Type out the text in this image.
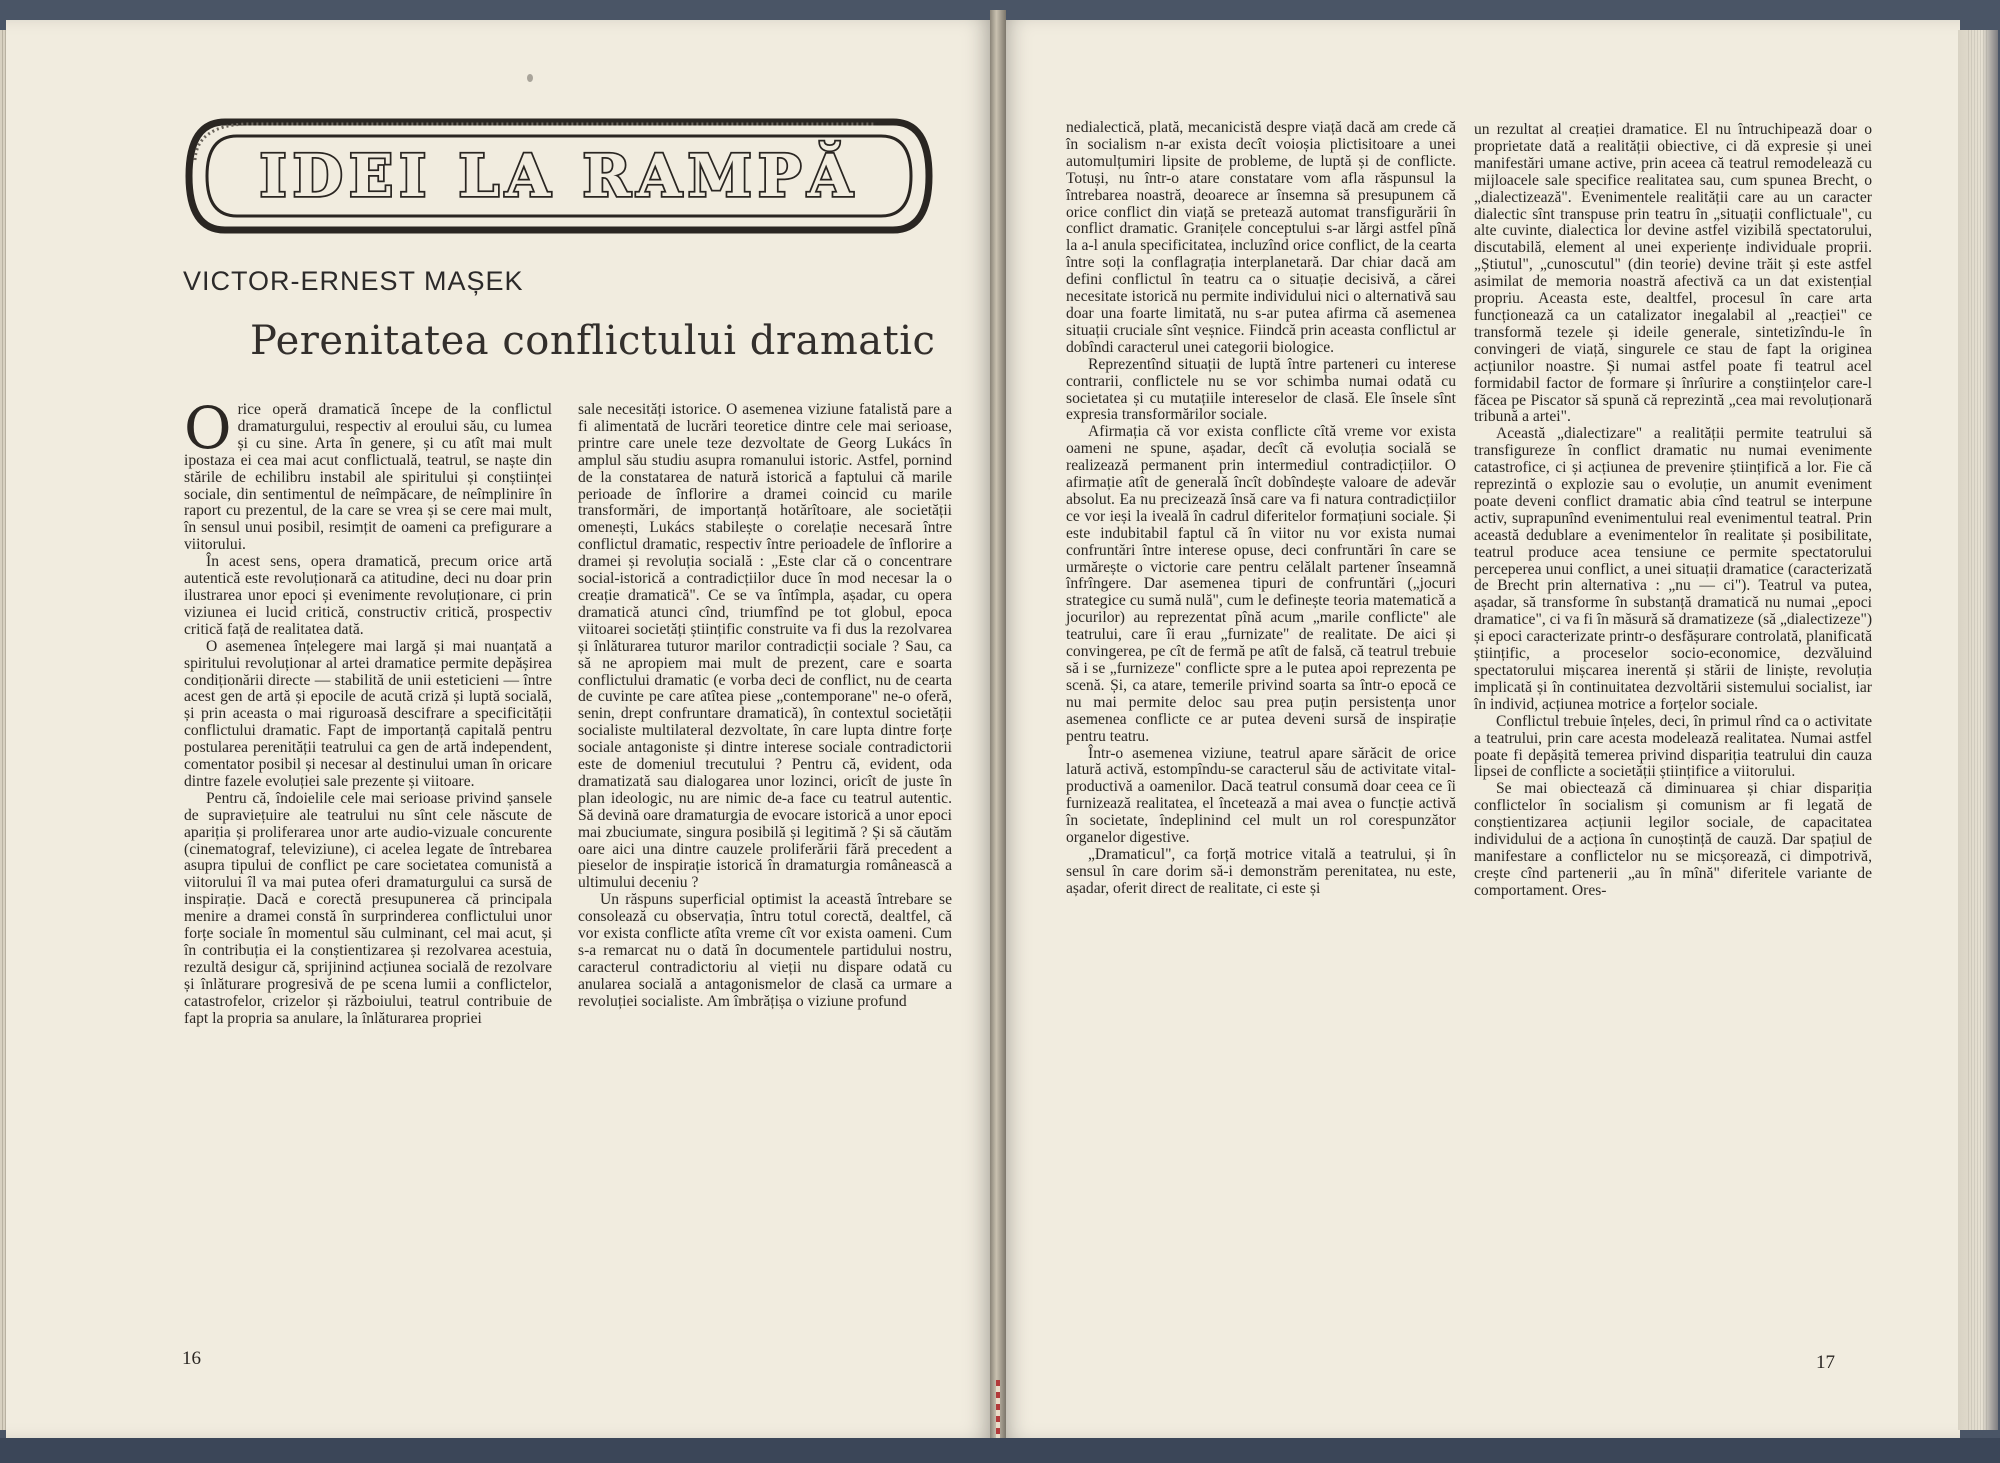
IDEI LA RAMPĂ
VICTOR-ERNEST MAȘEK
Perenitatea conflictului dramatic
O rice operă dramatică începe de la conflictul dramaturgului, respectiv al eroului său, cu lumea și cu sine. Arta în genere, și cu atît mai mult ipostaza ei cea mai acut conflictuală, teatrul, se naște din stările de echilibru instabil ale spiritului și conștiinței sociale, din sentimentul de neîmpăcare, de neîmplinire în raport cu prezentul, de la care se vrea și se cere mai mult, în sensul unui posibil, resimțit de oameni ca prefigurare a viitorului.

În acest sens, opera dramatică, precum orice artă autentică este revoluționară ca atitudine, deci nu doar prin ilustrarea unor epoci și evenimente revoluționare, ci prin viziunea ei lucid critică, constructiv critică, prospectiv critică față de realitatea dată.

O asemenea înțelegere mai largă și mai nuanțată a spiritului revoluționar al artei dramatice permite depășirea condiționării directe — stabilită de unii esteticieni — între acest gen de artă și epocile de acută criză și luptă socială, și prin aceasta o mai riguroasă descifrare a specificității conflictului dramatic. Fapt de importanță capitală pentru postularea perenității teatrului ca gen de artă independent, comentator posibil și necesar al destinului uman în oricare dintre fazele evoluției sale prezente și viitoare.

Pentru că, îndoielile cele mai serioase privind șansele de supraviețuire ale teatrului nu sînt cele născute de apariția și proliferarea unor arte audio-vizuale concurente (cinematograf, televiziune), ci acelea legate de întrebarea asupra tipului de conflict pe care societatea comunistă a viitorului îl va mai putea oferi dramaturgului ca sursă de inspirație. Dacă e corectă presupunerea că principala menire a dramei constă în surprinderea conflictului unor forțe sociale în momentul său culminant, cel mai acut, și în contribuția ei la conștientizarea și rezolvarea acestuia, rezultă desigur că, sprijinind acțiunea socială de rezolvare și înlăturare progresivă de pe scena lumii a conflictelor, catastrofelor, crizelor și războiului, teatrul contribuie de fapt la propria sa anulare, la înlăturarea propriei

sale necesități istorice. O asemenea viziune fatalistă pare a fi alimentată de lucrări teoretice dintre cele mai serioase, printre care unele teze dezvoltate de Georg Lukács în amplul său studiu asupra romanului istoric. Astfel, pornind de la constatarea de natură istorică a faptului că marile perioade de înflorire a dramei coincid cu marile transformări, de importanță hotărîtoare, ale societății omenești, Lukács stabilește o corelație necesară între conflictul dramatic, respectiv între perioadele de înflorire a dramei și revoluția socială : „Este clar că o concentrare social-istorică a contradicțiilor duce în mod necesar la o creație dramatică". Ce se va întîmpla, așadar, cu opera dramatică atunci cînd, triumfînd pe tot globul, epoca viitoarei societăți științific construite va fi dus la rezolvarea și înlăturarea tuturor marilor contradicții sociale ? Sau, ca să ne apropiem mai mult de prezent, care e soarta conflictului dramatic (e vorba deci de conflict, nu de cearta de cuvinte pe care atîtea piese „contemporane" ne-o oferă, senin, drept confruntare dramatică), în contextul societății socialiste multilateral dezvoltate, în care lupta dintre forțe sociale antagoniste și dintre interese sociale contradictorii este de domeniul trecutului ? Pentru că, evident, oda dramatizată sau dialogarea unor lozinci, oricît de juste în plan ideologic, nu are nimic de-a face cu teatrul autentic. Să devină oare dramaturgia de evocare istorică a unor epoci mai zbuciumate, singura posibilă și legitimă ? Și să căutăm oare aici una dintre cauzele proliferării fără precedent a pieselor de inspirație istorică în dramaturgia românească a ultimului deceniu ?

Un răspuns superficial optimist la această întrebare se consolează cu observația, întru totul corectă, dealtfel, că vor exista conflicte atîta vreme cît vor exista oameni. Cum s-a remarcat nu o dată în documentele partidului nostru, caracterul contradictoriu al vieții nu dispare odată cu anularea socială a antagonismelor de clasă ca urmare a revoluției socialiste. Am îmbrățișa o viziune profund

16

nedialectică, plată, mecanicistă despre viață dacă am crede că în socialism n-ar exista decît voioșia plictisitoare a unei automulțumiri lipsite de probleme, de luptă și de conflicte. Totuși, nu într-o atare constatare vom afla răspunsul la întrebarea noastră, deoarece ar însemna să presupunem că orice conflict din viață se pretează automat transfigurării în conflict dramatic. Granițele conceptului s-ar lărgi astfel pînă la a-l anula specificitatea, incluzînd orice conflict, de la cearta între soți la conflagrația interplanetară. Dar chiar dacă am defini conflictul în teatru ca o situație decisivă, a cărei necesitate istorică nu permite individului nici o alternativă sau doar una foarte limitată, nu s-ar putea afirma că asemenea situații cruciale sînt veșnice. Fiindcă prin aceasta conflictul ar dobîndi caracterul unei categorii biologice.

Reprezentînd situații de luptă între parteneri cu interese contrarii, conflictele nu se vor schimba numai odată cu societatea și cu mutațiile intereselor de clasă. Ele însele sînt expresia transformărilor sociale.

Afirmația că vor exista conflicte cîtă vreme vor exista oameni ne spune, așadar, decît că evoluția socială se realizează permanent prin intermediul contradicțiilor. O afirmație atît de generală încît dobîndește valoare de adevăr absolut. Ea nu precizează însă care va fi natura contradicțiilor ce vor ieși la iveală în cadrul diferitelor formațiuni sociale. Și este indubitabil faptul că în viitor nu vor exista numai confruntări între interese opuse, deci confruntări în care se urmărește o victorie care pentru celălalt partener înseamnă înfrîngere. Dar asemenea tipuri de confruntări („jocuri strategice cu sumă nulă", cum le definește teoria matematică a jocurilor) au reprezentat pînă acum „marile conflicte" ale teatrului, care îi erau „furnizate" de realitate. De aici și convingerea, pe cît de fermă pe atît de falsă, că teatrul trebuie să i se „furnizeze" conflicte spre a le putea apoi reprezenta pe scenă. Și, ca atare, temerile privind soarta sa într-o epocă ce nu mai permite deloc sau prea puțin persistența unor asemenea conflicte ce ar putea deveni sursă de inspirație pentru teatru.

Într-o asemenea viziune, teatrul apare sărăcit de orice latură activă, estompîndu-se caracterul său de activitate vital-productivă a oamenilor. Dacă teatrul consumă doar ceea ce îi furnizează realitatea, el încetează a mai avea o funcție activă în societate, îndeplinind cel mult un rol corespunzător organelor digestive.

„Dramaticul", ca forță motrice vitală a teatrului, și în sensul în care dorim să-i demonstrăm perenitatea, nu este, așadar, oferit direct de realitate, ci este și

un rezultat al creației dramatice. El nu întruchipează doar o proprietate dată a realității obiective, ci dă expresie și unei manifestări umane active, prin aceea că teatrul remodelează cu mijloacele sale specifice realitatea sau, cum spunea Brecht, o „dialectizează". Evenimentele realității care au un caracter dialectic sînt transpuse prin teatru în „situații conflictuale", cu alte cuvinte, dialectica lor devine astfel vizibilă spectatorului, discutabilă, element al unei experiențe individuale proprii. „Știutul", „cunoscutul" (din teorie) devine trăit și este astfel asimilat de memoria noastră afectivă ca un dat existențial propriu. Aceasta este, dealtfel, procesul în care arta funcționează ca un catalizator inegalabil al „reacției" ce transformă tezele și ideile generale, sintetizîndu-le în convingeri de viață, singurele ce stau de fapt la originea acțiunilor noastre. Și numai astfel poate fi teatrul acel formidabil factor de formare și înrîurire a conștiințelor care-l făcea pe Piscator să spună că reprezintă „cea mai revoluționară tribună a artei".

Această „dialectizare" a realității permite teatrului să transfigureze în conflict dramatic nu numai evenimente catastrofice, ci și acțiunea de prevenire științifică a lor. Fie că reprezintă o explozie sau o evoluție, un anumit eveniment poate deveni conflict dramatic abia cînd teatrul se interpune activ, suprapunînd evenimentului real evenimentul teatral. Prin această dedublare a evenimentelor în realitate și posibilitate, teatrul produce acea tensiune ce permite spectatorului perceperea unui conflict, a unei situații dramatice (caracterizată de Brecht prin alternativa : „nu — ci"). Teatrul va putea, așadar, să transforme în substanță dramatică nu numai „epoci dramatice", ci va fi în măsură să dramatizeze (să „dialectizeze") și epoci caracterizate printr-o desfășurare controlată, planificată științific, a proceselor socio-economice, dezvăluind spectatorului mișcarea inerentă și stării de liniște, revoluția implicată și în continuitatea dezvoltării sistemului socialist, iar în individ, acțiunea motrice a forțelor sociale.

Conflictul trebuie înțeles, deci, în primul rînd ca o activitate a teatrului, prin care acesta modelează realitatea. Numai astfel poate fi depășită temerea privind dispariția teatrului din cauza lipsei de conflicte a societății științifice a viitorului.

Se mai obiectează că diminuarea și chiar dispariția conflictelor în socialism și comunism ar fi legată de conștientizarea acțiunii legilor sociale, de capacitatea individului de a acționa în cunoștință de cauză. Dar spațiul de manifestare a conflictelor nu se micșorează, ci dimpotrivă, crește cînd partenerii „au în mînă" diferitele variante de comportament. Ores-

17
